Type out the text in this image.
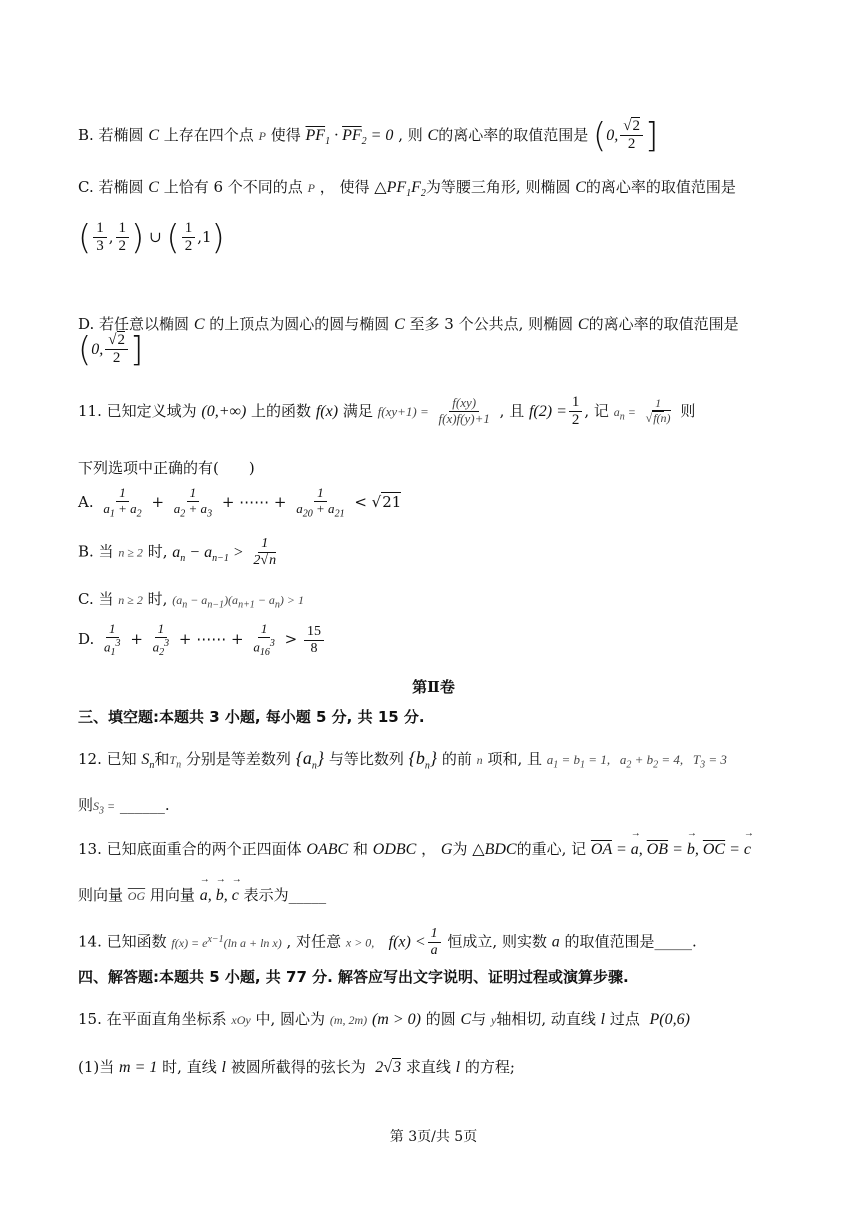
B. 若椭圆 C 上存在四个点 P 使得 $\overline{PF}_1 \cdot \overline{PF}_2 = 0$ , 则 C的离心率的取值范围是 (0, $\frac{√2}{2}$ ]
C. 若椭圆 C 上恰有 6 个不同的点 P ， 使得 $\triangle PF_1F_2$为等腰三角形, 则椭圆 C的离心率的取值范围是
( $\frac{1}{3}$ , $\frac{1}{2}$ ) ∪ ( $\frac{1}{2} ,1$)
D. 若任意以椭圆 C 的上顶点为圆心的圆与椭圆 C 至多 3 个公共点, 则椭圆 C的离心率的取值范围是
(0, $\frac{√2}{2}$ ]
11. 已知定义域为 (0,+∞) 上的函数 f(x) 满足 $f(xy+1) = \frac{f(xy)}{f(x)f(y)+1}$ , 且 $f(2) = \frac{1}{2}$ , 记 $a_n = \frac{1}{√f(n)}$ 则
下列选项中正确的有(　　)
A. $\frac{1}{a_1 + a_2} + \frac{1}{a_2 + a_3}$ + ⋯⋯ + $\frac{1}{a_{20} + a_{21}} < √21$
B. 当 n ≥ 2 时, $a_n - a_{n-1} > \frac{1}{2√n}$
C. 当 n ≥ 2 时, $(a_n - a_{n-1})(a_{n+1} - a_n) > 1$
D. $\frac{1}{a_1^3} + \frac{1}{a_2^3}$ + ⋯⋯ + $\frac{1}{a_{16}^3} > \frac{15}{8}$
第Ⅱ卷
三、填空题:本题共 3 小题, 每小题 5 分, 共 15 分.
12. 已知 $S_n$和$T_n$ 分别是等差数列 $\{a_n\}$ 与等比数列 $\{b_n\}$ 的前 n 项和, 且 $a_1 = b_1 = 1$,   $a_2 + b_2 = 4$,   $T_3 = 3$
则$S_3$ = ______.
13. 已知底面重合的两个正四面体 OABC 和 ODBC ， G为 △BDC的重心, 记 $\overline{OA}$ = → a, $\overline{OB}$ = → b, $\overline{OC}$ = → c
则向量 $\overline{OG}$ 用向量 → a, → b, → c 表示为_____
14. 已知函数 $f(x) = e^{x-1}(\ln$ a + ln x) , 对任意 x > 0, $f(x) < \frac{1}{a}$ 恒成立, 则实数 a 的取值范围是_____.
四、解答题:本题共 5 小题, 共 77 分. 解答应写出文字说明、证明过程或演算步骤.
15. 在平面直角坐标系 xOy 中, 圆心为 (m, 2m) (m > 0) 的圆 C与 y轴相切, 动直线 l 过点 P(0,6)
(1)当 m = 1 时, 直线 l 被圆所截得的弦长为 2√3 求直线 l 的方程;
第 3页/共 5页
